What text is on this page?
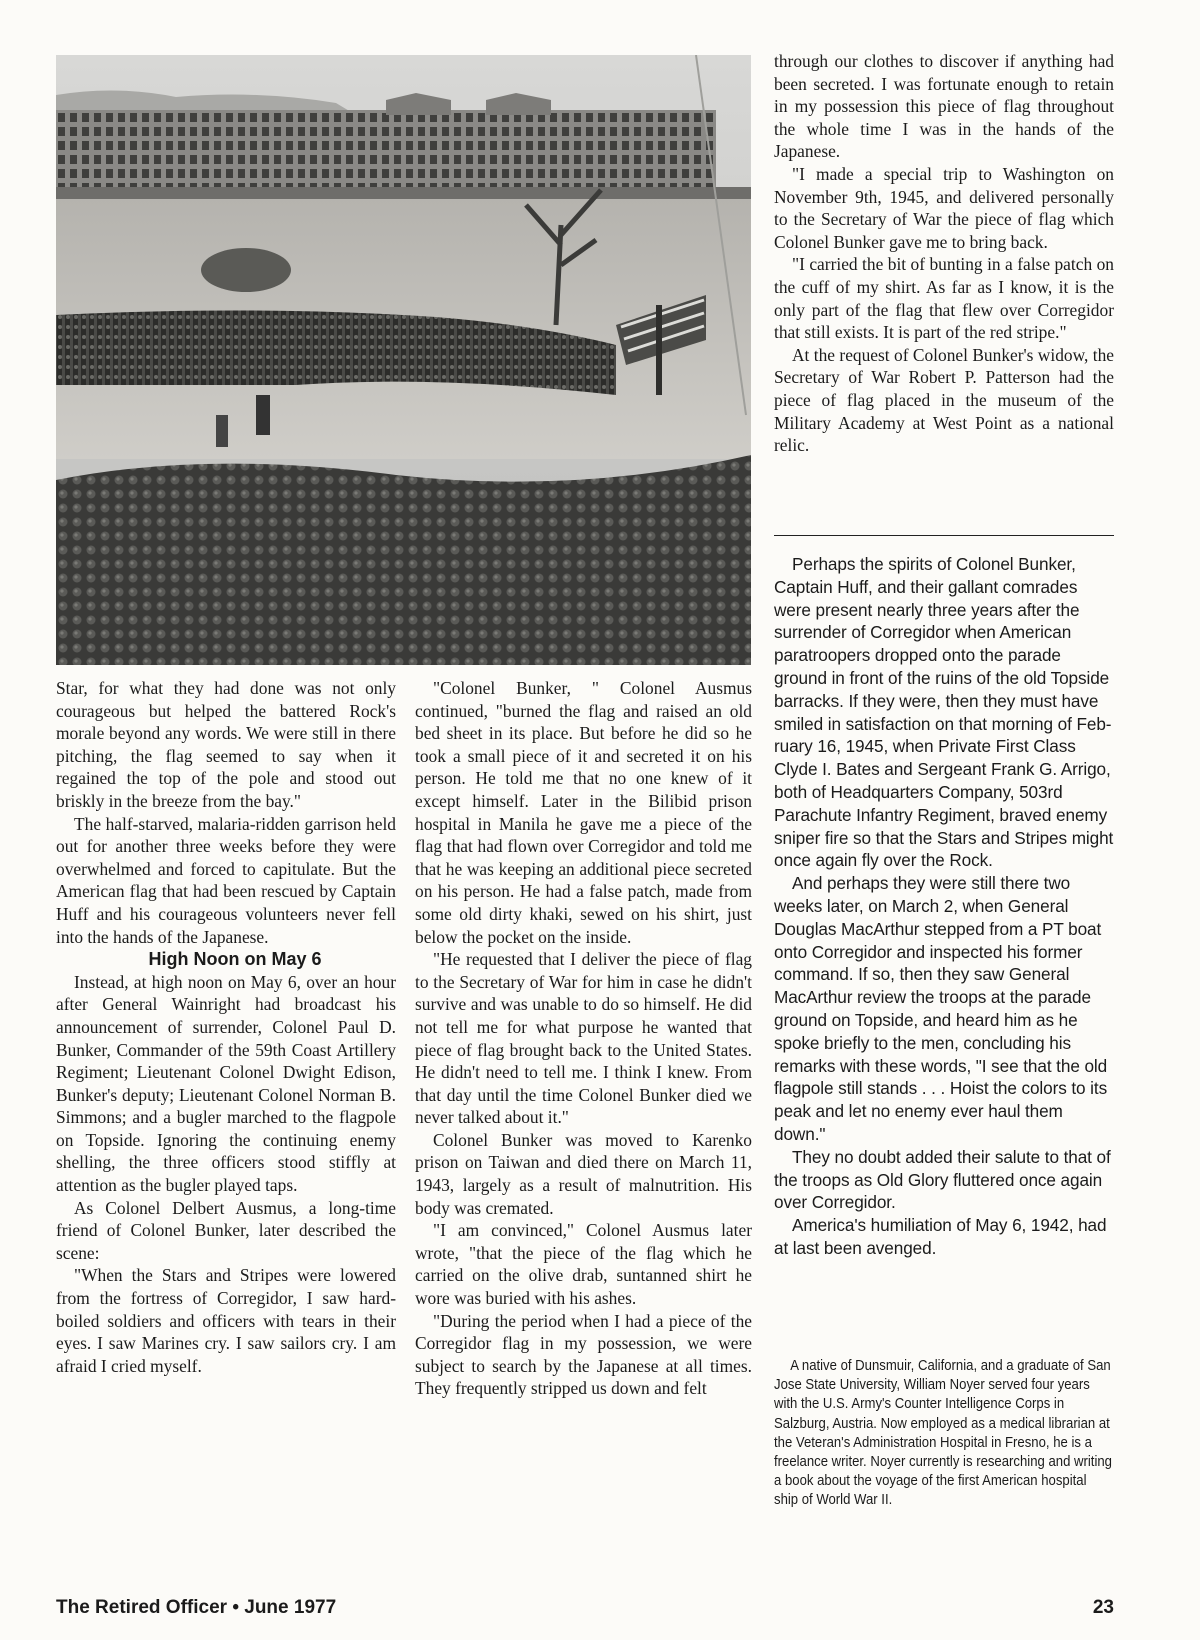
Star, for what they had done was not only courageous but helped the battered Rock's morale beyond any words. We were still in there pitching, the flag seemed to say when it regained the top of the pole and stood out briskly in the breeze from the bay."

The half-starved, malaria-ridden garrison held out for another three weeks before they were overwhelmed and forced to capitulate. But the American flag that had been rescued by Captain Huff and his courageous volunteers never fell into the hands of the Japanese.

High Noon on May 6

Instead, at high noon on May 6, over an hour after General Wainright had broadcast his announcement of surrender, Colonel Paul D. Bunker, Commander of the 59th Coast Artillery Regiment; Lieutenant Colonel Dwight Edison, Bunker's deputy; Lieutenant Colonel Norman B. Simmons; and a bugler marched to the flagpole on Topside. Ignoring the continuing enemy shelling, the three officers stood stiffly at attention as the bugler played taps.

As Colonel Delbert Ausmus, a long-time friend of Colonel Bunker, later described the scene:

"When the Stars and Stripes were lowered from the fortress of Corregidor, I saw hard-boiled soldiers and officers with tears in their eyes. I saw Marines cry. I saw sailors cry. I am afraid I cried myself.

"Colonel Bunker, " Colonel Ausmus continued, "burned the flag and raised an old bed sheet in its place. But before he did so he took a small piece of it and secreted it on his person. He told me that no one knew of it except himself. Later in the Bilibid prison hospital in Manila he gave me a piece of the flag that had flown over Corregidor and told me that he was keeping an additional piece secreted on his person. He had a false patch, made from some old dirty khaki, sewed on his shirt, just below the pocket on the inside.

"He requested that I deliver the piece of flag to the Secretary of War for him in case he didn't survive and was unable to do so himself. He did not tell me for what purpose he wanted that piece of flag brought back to the United States. He didn't need to tell me. I think I knew. From that day until the time Colonel Bunker died we never talked about it."

Colonel Bunker was moved to Karenko prison on Taiwan and died there on March 11, 1943, largely as a result of malnutrition. His body was cremated.

"I am convinced," Colonel Ausmus later wrote, "that the piece of the flag which he carried on the olive drab, suntanned shirt he wore was buried with his ashes.

"During the period when I had a piece of the Corregidor flag in my possession, we were subject to search by the Japanese at all times. They frequently stripped us down and felt

through our clothes to discover if anything had been secreted. I was fortunate enough to retain in my possession this piece of flag throughout the whole time I was in the hands of the Japanese.

"I made a special trip to Washington on November 9th, 1945, and delivered personally to the Secretary of War the piece of flag which Colonel Bunker gave me to bring back.

"I carried the bit of bunting in a false patch on the cuff of my shirt. As far as I know, it is the only part of the flag that flew over Corregidor that still exists. It is part of the red stripe."

At the request of Colonel Bunker's widow, the Secretary of War Robert P. Patterson had the piece of flag placed in the museum of the Military Academy at West Point as a national relic.

Perhaps the spirits of Colonel Bunker, Captain Huff, and their gallant comrades were present nearly three years after the surrender of Corregidor when American paratroopers dropped onto the parade ground in front of the ruins of the old Topside barracks. If they were, then they must have smiled in satisfaction on that morning of February 16, 1945, when Private First Class Clyde I. Bates and Sergeant Frank G. Arrigo, both of Headquarters Company, 503rd Parachute Infantry Regiment, braved enemy sniper fire so that the Stars and Stripes might once again fly over the Rock.

And perhaps they were still there two weeks later, on March 2, when General Douglas MacArthur stepped from a PT boat onto Corregidor and inspected his former command. If so, then they saw General MacArthur review the troops at the parade ground on Topside, and heard him as he spoke briefly to the men, concluding his remarks with these words, "I see that the old flagpole still stands . . . Hoist the colors to its peak and let no enemy ever haul them down."

They no doubt added their salute to that of the troops as Old Glory fluttered once again over Corregidor.

America's humiliation of May 6, 1942, had at last been avenged.

A native of Dunsmuir, California, and a graduate of San Jose State University, William Noyer served four years with the U.S. Army's Counter Intelligence Corps in Salzburg, Austria. Now employed as a medical librarian at the Veteran's Administration Hospital in Fresno, he is a freelance writer. Noyer currently is researching and writing a book about the voyage of the first American hospital ship of World War II.

The Retired Officer • June 1977	23
